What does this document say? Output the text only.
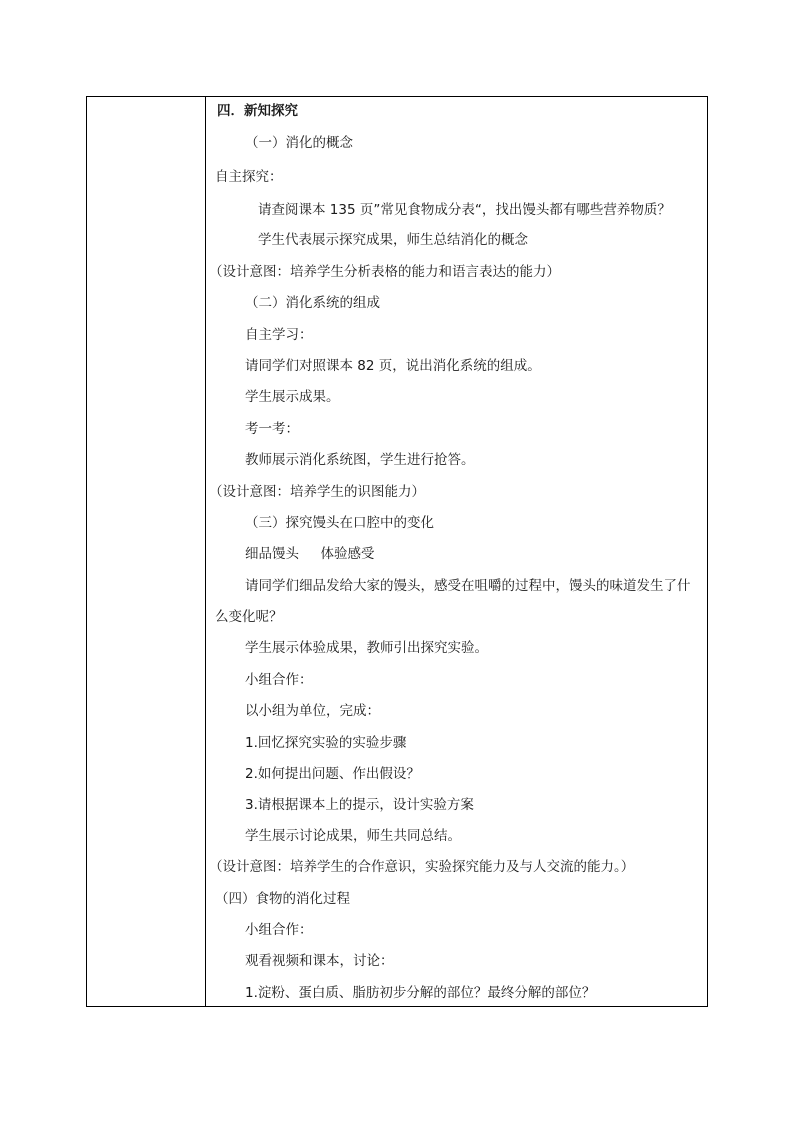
四．新知探究
（一）消化的概念
自主探究：
请查阅课本 135 页”常见食物成分表“，找出馒头都有哪些营养物质？
学生代表展示探究成果，师生总结消化的概念
（设计意图：培养学生分析表格的能力和语言表达的能力）
（二）消化系统的组成
自主学习：
请同学们对照课本 82 页，说出消化系统的组成。
学生展示成果。
考一考：
教师展示消化系统图，学生进行抢答。
（设计意图：培养学生的识图能力）
（三）探究馒头在口腔中的变化
细品馒头     体验感受
请同学们细品发给大家的馒头，感受在咀嚼的过程中，馒头的味道发生了什
么变化呢？
学生展示体验成果，教师引出探究实验。
小组合作：
以小组为单位，完成：
1.回忆探究实验的实验步骤
2.如何提出问题、作出假设？
3.请根据课本上的提示，设计实验方案
学生展示讨论成果，师生共同总结。
（设计意图：培养学生的合作意识，实验探究能力及与人交流的能力。）
（四）食物的消化过程
小组合作：
观看视频和课本，讨论：
1.淀粉、蛋白质、脂肪初步分解的部位？最终分解的部位？
